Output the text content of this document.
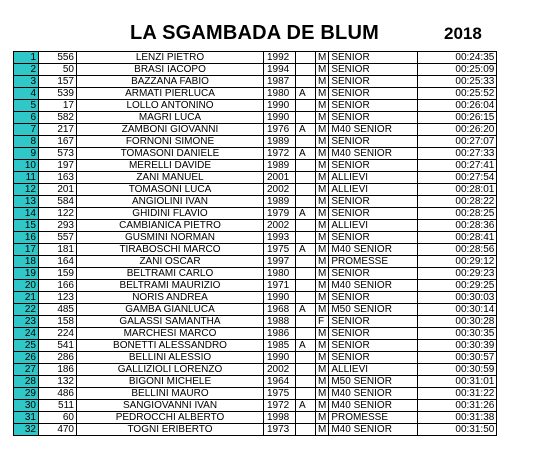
LA SGAMBADA DE BLUM	2018
1	556	LENZI PIETRO	1992		M	SENIOR	00:24:35
2	50	BRASI IACOPO	1994		M	SENIOR	00:25:09
3	157	BAZZANA FABIO	1987		M	SENIOR	00:25:33
4	539	ARMATI PIERLUCA	1980	A	M	SENIOR	00:25:52
5	17	LOLLO ANTONINO	1990		M	SENIOR	00:26:04
6	582	MAGRI LUCA	1990		M	SENIOR	00:26:15
7	217	ZAMBONI GIOVANNI	1976	A	M	M40 SENIOR	00:26:20
8	167	FORNONI SIMONE	1989		M	SENIOR	00:27:07
9	573	TOMASONI DANIELE	1972	A	M	M40 SENIOR	00:27:33
10	197	MERELLI DAVIDE	1989		M	SENIOR	00:27:41
11	163	ZANI MANUEL	2001		M	ALLIEVI	00:27:54
12	201	TOMASONI LUCA	2002		M	ALLIEVI	00:28:01
13	584	ANGIOLINI IVAN	1989		M	SENIOR	00:28:22
14	122	GHIDINI FLAVIO	1979	A	M	SENIOR	00:28:25
15	293	CAMBIANICA PIETRO	2002		M	ALLIEVI	00:28:36
16	557	GUSMINI NORMAN	1993		M	SENIOR	00:28:41
17	181	TIRABOSCHI MARCO	1975	A	M	M40 SENIOR	00:28:56
18	164	ZANI OSCAR	1997		M	PROMESSE	00:29:12
19	159	BELTRAMI CARLO	1980		M	SENIOR	00:29:23
20	166	BELTRAMI MAURIZIO	1971		M	M40 SENIOR	00:29:25
21	123	NORIS ANDREA	1990		M	SENIOR	00:30:03
22	485	GAMBA GIANLUCA	1968	A	M	M50 SENIOR	00:30:14
23	158	GALASSI SAMANTHA	1988		F	SENIOR	00:30:28
24	224	MARCHESI MARCO	1986		M	SENIOR	00:30:35
25	541	BONETTI ALESSANDRO	1985	A	M	SENIOR	00:30:39
26	286	BELLINI ALESSIO	1990		M	SENIOR	00:30:57
27	186	GALLIZIOLI LORENZO	2002		M	ALLIEVI	00:30:59
28	132	BIGONI MICHELE	1964		M	M50 SENIOR	00:31:01
29	486	BELLINI MAURO	1975		M	M40 SENIOR	00:31:22
30	511	SANGIOVANNI IVAN	1972	A	M	M40 SENIOR	00:31:26
31	60	PEDROCCHI ALBERTO	1998		M	PROMESSE	00:31:38
32	470	TOGNI ERIBERTO	1973		M	M40 SENIOR	00:31:50
